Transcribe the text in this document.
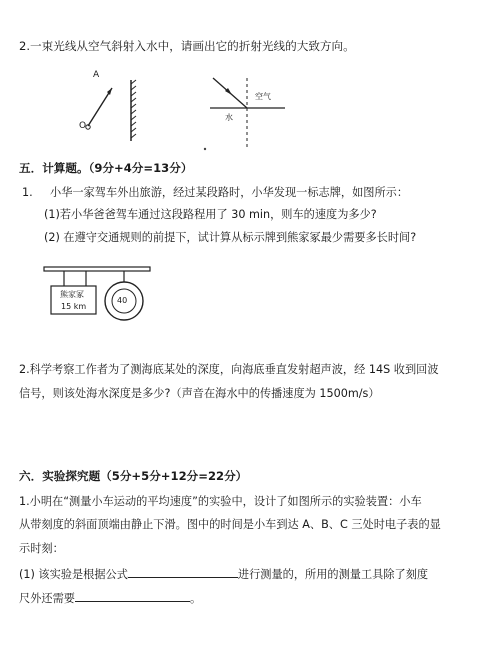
2.一束光线从空气斜射入水中，请画出它的折射光线的大致方向。
A
O
空气
水
五．计算题。（9分+4分=13分）
1. 小华一家驾车外出旅游，经过某段路时，小华发现一标志牌，如图所示：
(1)若小华爸爸驾车通过这段路程用了 30 min，则车的速度为多少?
(2) 在遵守交通规则的前提下，试计算从标示牌到熊家冢最少需要多长时间?
熊家冢
15 km
40
2.科学考察工作者为了测海底某处的深度，向海底垂直发射超声波，经 14S 收到回波
信号，则该处海水深度是多少?（声音在海水中的传播速度为 1500m/s）
六．实验探究题（5分+5分+12分=22分）
1.小明在“测量小车运动的平均速度”的实验中，设计了如图所示的实验装置：小车
从带刻度的斜面顶端由静止下滑。图中的时间是小车到达 A、B、C 三处时电子表的显
示时刻：
(1) 该实验是根据公式	进行测量的，所用的测量工具除了刻度
尺外还需要	。
